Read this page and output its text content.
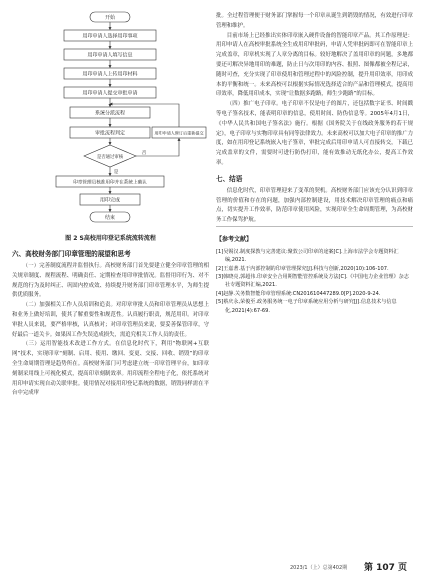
开始
用印申请人选择用印事项
用印申请人填写信息
用印申请人上传用印材料
用印申请人提交审批申请
系统分派流程
审批流程判定
是否通过审核
印章管理员核准用印并在系统上确认
用印完成
结束
用印申请人修订后重新提交
是
否
图 2 S高校用印登记系统流转流程
六、高校财务部门印章管理的展望和思考

（一）完善制度流程并监督执行。高校财务部门首先要建立健全印章管理的相关规章制度、规程流程、明确责任、定期检查用印审批情况。监督用印行为、对不规范的行为及时纠正、巩固内控成效、持续提升财务部门印章管理水平，为师生提供优质服务。

（二）加强相关工作人员培训和追责。对印章审批人员和印章管理员从思想上和业务上做好培训，使其了解重要性和规范性。认真履行职责，规范用印。对印章审批人员来说，要严格审核，认真核对；对印章管理员来说，要妥善保管印章，守好最后一道关卡。如果因工作失误造成损失，需追究相关工作人员的责任。

（三）运用智能技术改进工作方式。在信息化时代下，利用“物联网+互联网”技术，实现印章“刻制、启用、使用、缴回、变更、交接、回收、销毁”的印章全生命周期管理是趋势所在。高校财务部门可考虑建立统一印章管理平台，如印章刻制采用线上可视化模式，提高印章刻制效率。用印流程全程电子化，依托系统对用印申请实现自动关联审批。使用情况对接用印登记系统的数据，销毁同样需在平台中完成审

批。全过程管理便于财务部门掌握每一个印章从诞生到销毁的情况，有效进行印章管理和维护。

目前市场上已经推出实体印章嵌入硬件设备的智能印章产品。其工作原理是：用印申请人在高校审批系统全生成用印审批码，申请人凭审批码即可在智能印章上完成盖章，印章机实现了人章分离的目标。较好地解决了盖用印章的问题，多地都要还可解决异地用印的难题，防止日与次用印的内容、报照、图像都被全程记录，随时可查，充分实现了印章使用和管理过程中的风险控制，提升用印效率，用印成本的平衡和统一。未来高校可以根据实际情况选择适合的产品和管理模式，提高用印效率，降低用印成本，实现“让数据多跑路，师生少跑路”的目标。

（四）推广电子印章。电子印章不仅是电子的图片，还包括数字证书、时间戳等电子签名技术，能表明印章的信息，使用时间、防伪信息等。2005年4月1日，《中华人民共和国电子签名法》施行。根据《国务院关于在线政务服务的若干规定》，电子印章与实物印章具有同等法律效力。未来高校可以加大电子印章的推广力度，如在用印登记系统嵌入电子签章，审批完成后用印申请人可直接转交，下载已完成盖章的文件，需要时可进行防伪打印，能有效推动无纸化办公，提高工作效率。

七、结语

信息化时代，印章管理迎来了变革的契机。高校财务部门应该充分认识到印章管理的价值和存在的问题，加强内部控制建设，用技术解决印章管理的痛点和痛点，切实提升工作效率，防范印章使用风险，实现印章全生命周期管理，为高校财务工作保驾护航。

【参考文献】

[1]吴锡汉.制度探教与完善建议:聚敦公司印章的途案[C].上海市法学会专题资料汇编,2021.

[2]王嘉著.基于内部控制的印章管理探究[J].科技与创新,2020(10):106-107.

[3]韩晓亮,郭超伟.印章安全合用期智能管控系统及方法[C].《中国电力企业管理》杂志社专题资料汇编,2021.

[4]赵静.关务数智能印章管理系统:CN201610447289.0[P].2020-9-24.

[5]蔡庆永,荣俊至.政务服务统一电子印章系统应用分析与研究[J].信息技术与信息化,2021(4):67-69.

2023/1（上）总第402期 第 107 页
